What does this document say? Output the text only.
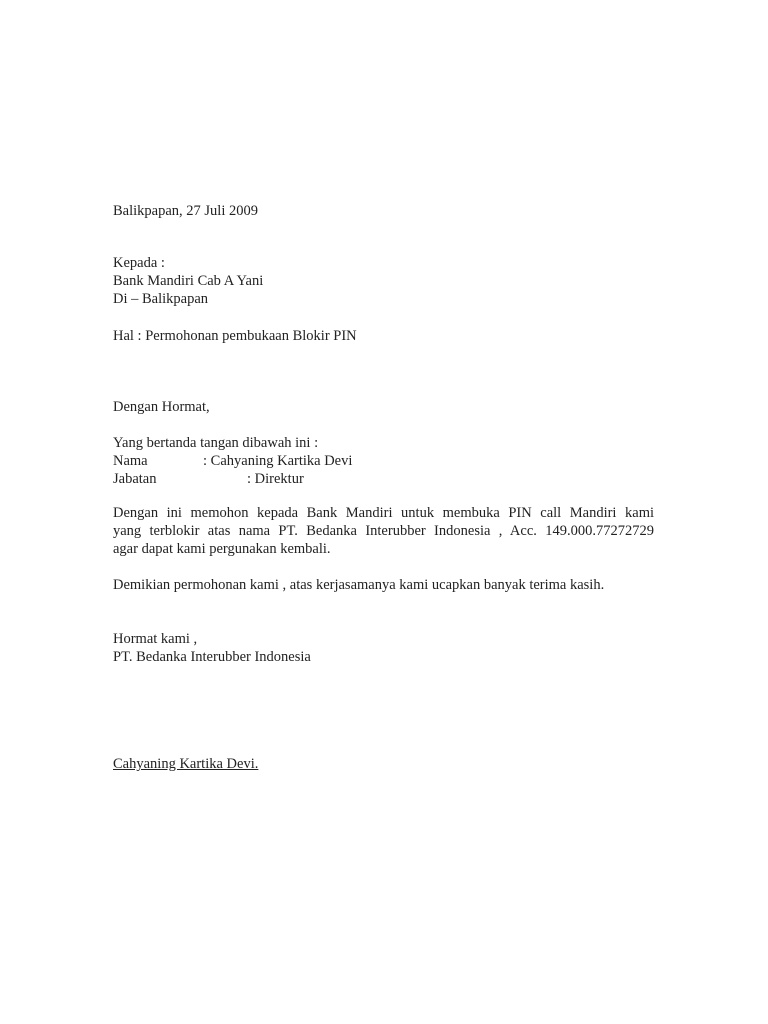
Balikpapan, 27 Juli 2009
Kepada :
Bank Mandiri Cab A Yani
Di – Balikpapan
Hal : Permohonan pembukaan Blokir PIN
Dengan Hormat,
Yang bertanda tangan dibawah ini :
Nama	: Cahyaning Kartika Devi
Jabatan	: Direktur
Dengan ini memohon kepada Bank Mandiri untuk membuka PIN call Mandiri kami
yang terblokir atas nama PT. Bedanka Interubber Indonesia , Acc. 149.000.77272729
agar dapat kami pergunakan kembali.
Demikian permohonan kami , atas kerjasamanya kami ucapkan banyak terima kasih.
Hormat kami ,
PT. Bedanka Interubber Indonesia
Cahyaning Kartika Devi.
